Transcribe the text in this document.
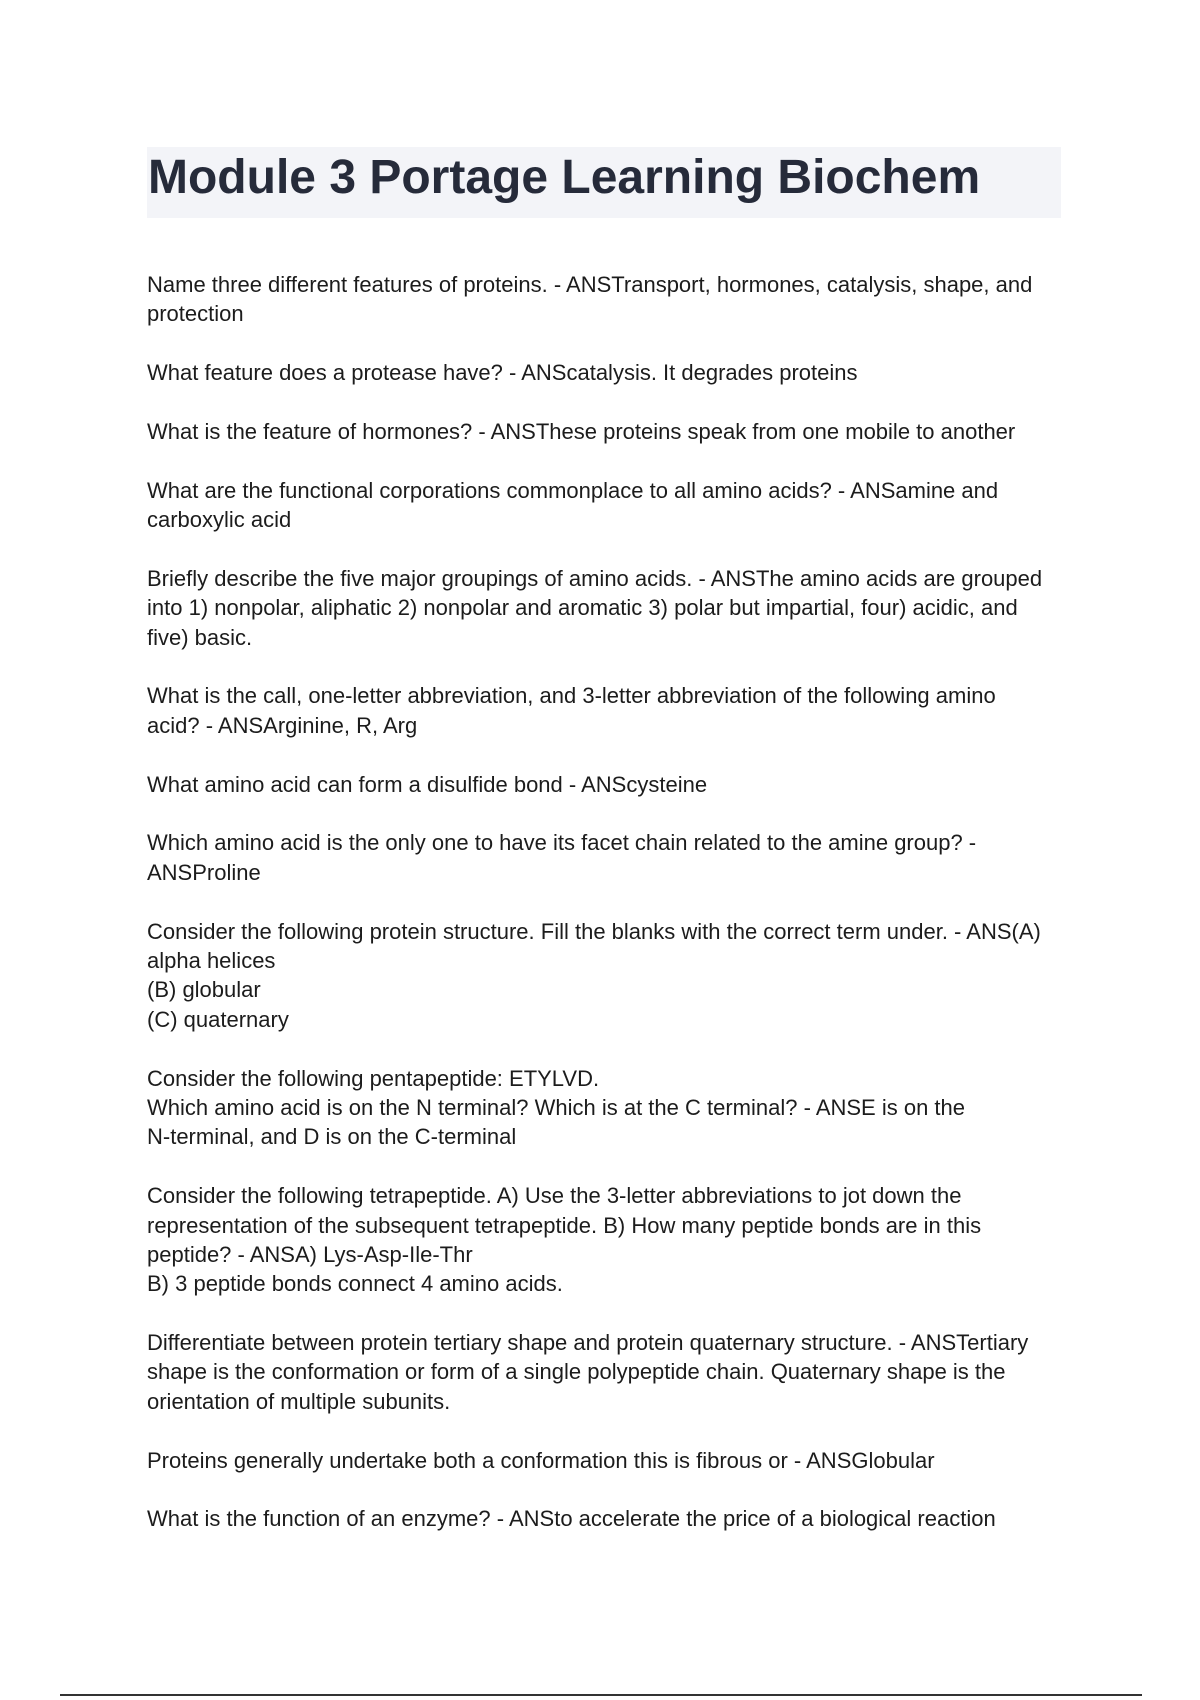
Module 3 Portage Learning Biochem
Name three different features of proteins. - ANSTransport, hormones, catalysis, shape, and
protection
What feature does a protease have? - ANScatalysis. It degrades proteins
What is the feature of hormones? - ANSThese proteins speak from one mobile to another
What are the functional corporations commonplace to all amino acids? - ANSamine and
carboxylic acid
Briefly describe the five major groupings of amino acids. - ANSThe amino acids are grouped
into 1) nonpolar, aliphatic 2) nonpolar and aromatic 3) polar but impartial, four) acidic, and
five) basic.
What is the call, one-letter abbreviation, and 3-letter abbreviation of the following amino
acid? - ANSArginine, R, Arg
What amino acid can form a disulfide bond - ANScysteine
Which amino acid is the only one to have its facet chain related to the amine group? -
ANSProline
Consider the following protein structure. Fill the blanks with the correct term under. - ANS(A)
alpha helices
(B) globular
(C) quaternary
Consider the following pentapeptide: ETYLVD.
Which amino acid is on the N terminal? Which is at the C terminal? - ANSE is on the
N-terminal, and D is on the C-terminal
Consider the following tetrapeptide. A) Use the 3-letter abbreviations to jot down the
representation of the subsequent tetrapeptide. B) How many peptide bonds are in this
peptide? - ANSA) Lys-Asp-Ile-Thr
B) 3 peptide bonds connect 4 amino acids.
Differentiate between protein tertiary shape and protein quaternary structure. - ANSTertiary
shape is the conformation or form of a single polypeptide chain. Quaternary shape is the
orientation of multiple subunits.
Proteins generally undertake both a conformation this is fibrous or - ANSGlobular
What is the function of an enzyme? - ANSto accelerate the price of a biological reaction
